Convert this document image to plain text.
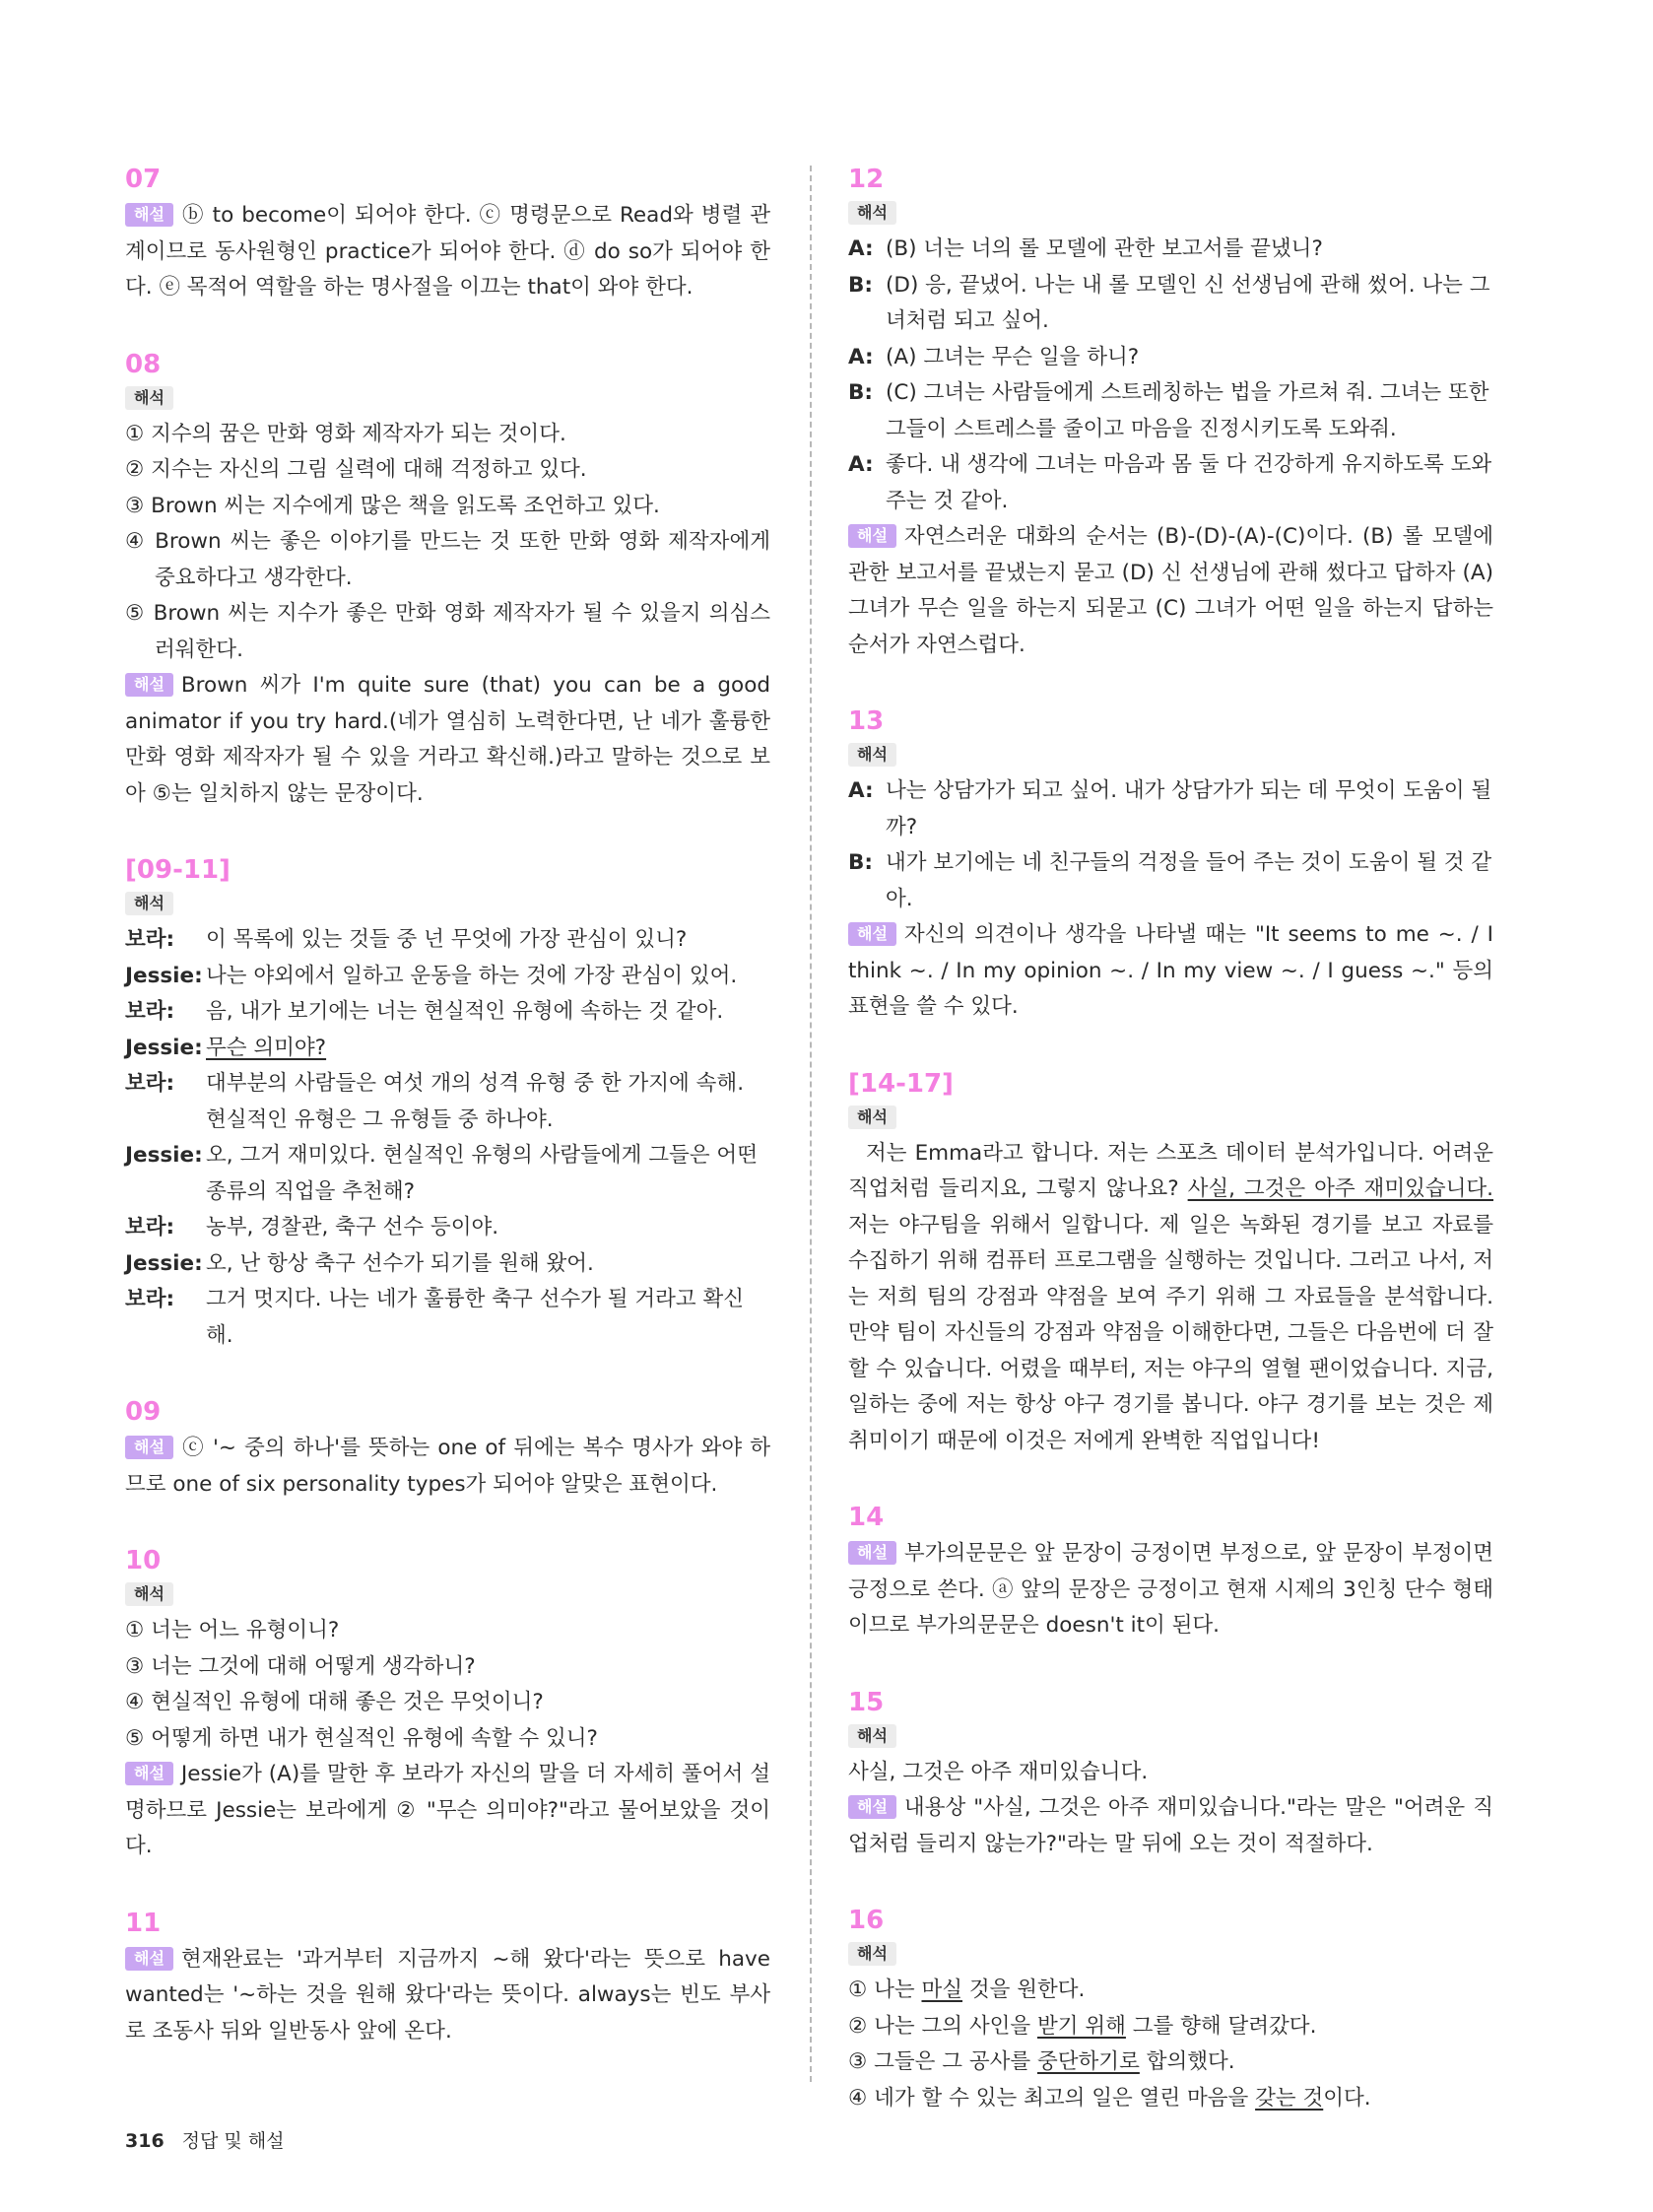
07
해설 ⓑ to become이 되어야 한다. ⓒ 명령문으로 Read와 병렬 관계이므로 동사원형인 practice가 되어야 한다. ⓓ do so가 되어야 한다. ⓔ 목적어 역할을 하는 명사절을 이끄는 that이 와야 한다.
08
해석
① 지수의 꿈은 만화 영화 제작자가 되는 것이다.
② 지수는 자신의 그림 실력에 대해 걱정하고 있다.
③ Brown 씨는 지수에게 많은 책을 읽도록 조언하고 있다.
④ Brown 씨는 좋은 이야기를 만드는 것 또한 만화 영화 제작자에게 중요하다고 생각한다.
⑤ Brown 씨는 지수가 좋은 만화 영화 제작자가 될 수 있을지 의심스러워한다.
해설 Brown 씨가 I'm quite sure (that) you can be a good animator if you try hard.(네가 열심히 노력한다면, 난 네가 훌륭한 만화 영화 제작자가 될 수 있을 거라고 확신해.)라고 말하는 것으로 보아 ⑤는 일치하지 않는 문장이다.
[09-11]
해석
보라:	이 목록에 있는 것들 중 넌 무엇에 가장 관심이 있니?
Jessie: 나는 야외에서 일하고 운동을 하는 것에 가장 관심이 있어.
보라:	음, 내가 보기에는 너는 현실적인 유형에 속하는 것 같아.
Jessie: 무슨 의미야?
보라:	대부분의 사람들은 여섯 개의 성격 유형 중 한 가지에 속해. 현실적인 유형은 그 유형들 중 하나야.
Jessie: 오, 그거 재미있다. 현실적인 유형의 사람들에게 그들은 어떤 종류의 직업을 추천해?
보라:	농부, 경찰관, 축구 선수 등이야.
Jessie: 오, 난 항상 축구 선수가 되기를 원해 왔어.
보라:	그거 멋지다. 나는 네가 훌륭한 축구 선수가 될 거라고 확신해.
09
해설 ⓒ '~ 중의 하나'를 뜻하는 one of 뒤에는 복수 명사가 와야 하므로 one of six personality types가 되어야 알맞은 표현이다.
10
해석
① 너는 어느 유형이니?
③ 너는 그것에 대해 어떻게 생각하니?
④ 현실적인 유형에 대해 좋은 것은 무엇이니?
⑤ 어떻게 하면 내가 현실적인 유형에 속할 수 있니?
해설 Jessie가 (A)를 말한 후 보라가 자신의 말을 더 자세히 풀어서 설명하므로 Jessie는 보라에게 ② "무슨 의미야?"라고 물어보았을 것이다.
11
해설 현재완료는 '과거부터 지금까지 ~해 왔다'라는 뜻으로 have wanted는 '~하는 것을 원해 왔다'라는 뜻이다. always는 빈도 부사로 조동사 뒤와 일반동사 앞에 온다.
12
해석
A: (B) 너는 너의 롤 모델에 관한 보고서를 끝냈니?
B: (D) 응, 끝냈어. 나는 내 롤 모델인 신 선생님에 관해 썼어. 나는 그녀처럼 되고 싶어.
A: (A) 그녀는 무슨 일을 하니?
B: (C) 그녀는 사람들에게 스트레칭하는 법을 가르쳐 줘. 그녀는 또한 그들이 스트레스를 줄이고 마음을 진정시키도록 도와줘.
A: 좋다. 내 생각에 그녀는 마음과 몸 둘 다 건강하게 유지하도록 도와주는 것 같아.
해설 자연스러운 대화의 순서는 (B)-(D)-(A)-(C)이다. (B) 롤 모델에 관한 보고서를 끝냈는지 묻고 (D) 신 선생님에 관해 썼다고 답하자 (A) 그녀가 무슨 일을 하는지 되묻고 (C) 그녀가 어떤 일을 하는지 답하는 순서가 자연스럽다.
13
해석
A: 나는 상담가가 되고 싶어. 내가 상담가가 되는 데 무엇이 도움이 될까?
B: 내가 보기에는 네 친구들의 걱정을 들어 주는 것이 도움이 될 것 같아.
해설 자신의 의견이나 생각을 나타낼 때는 "It seems to me ~. / I think ~. / In my opinion ~. / In my view ~. / I guess ~." 등의 표현을 쓸 수 있다.
[14-17]
해석
저는 Emma라고 합니다. 저는 스포츠 데이터 분석가입니다. 어려운 직업처럼 들리지요, 그렇지 않나요? 사실, 그것은 아주 재미있습니다. 저는 야구팀을 위해서 일합니다. 제 일은 녹화된 경기를 보고 자료를 수집하기 위해 컴퓨터 프로그램을 실행하는 것입니다. 그러고 나서, 저는 저희 팀의 강점과 약점을 보여 주기 위해 그 자료들을 분석합니다. 만약 팀이 자신들의 강점과 약점을 이해한다면, 그들은 다음번에 더 잘할 수 있습니다. 어렸을 때부터, 저는 야구의 열혈 팬이었습니다. 지금, 일하는 중에 저는 항상 야구 경기를 봅니다. 야구 경기를 보는 것은 제 취미이기 때문에 이것은 저에게 완벽한 직업입니다!
14
해설 부가의문문은 앞 문장이 긍정이면 부정으로, 앞 문장이 부정이면 긍정으로 쓴다. ⓐ 앞의 문장은 긍정이고 현재 시제의 3인칭 단수 형태이므로 부가의문문은 doesn't it이 된다.
15
해석
사실, 그것은 아주 재미있습니다.
해설 내용상 "사실, 그것은 아주 재미있습니다."라는 말은 "어려운 직업처럼 들리지 않는가?"라는 말 뒤에 오는 것이 적절하다.
16
해석
① 나는 마실 것을 원한다.
② 나는 그의 사인을 받기 위해 그를 향해 달려갔다.
③ 그들은 그 공사를 중단하기로 합의했다.
④ 네가 할 수 있는 최고의 일은 열린 마음을 갖는 것이다.
316 정답 및 해설
